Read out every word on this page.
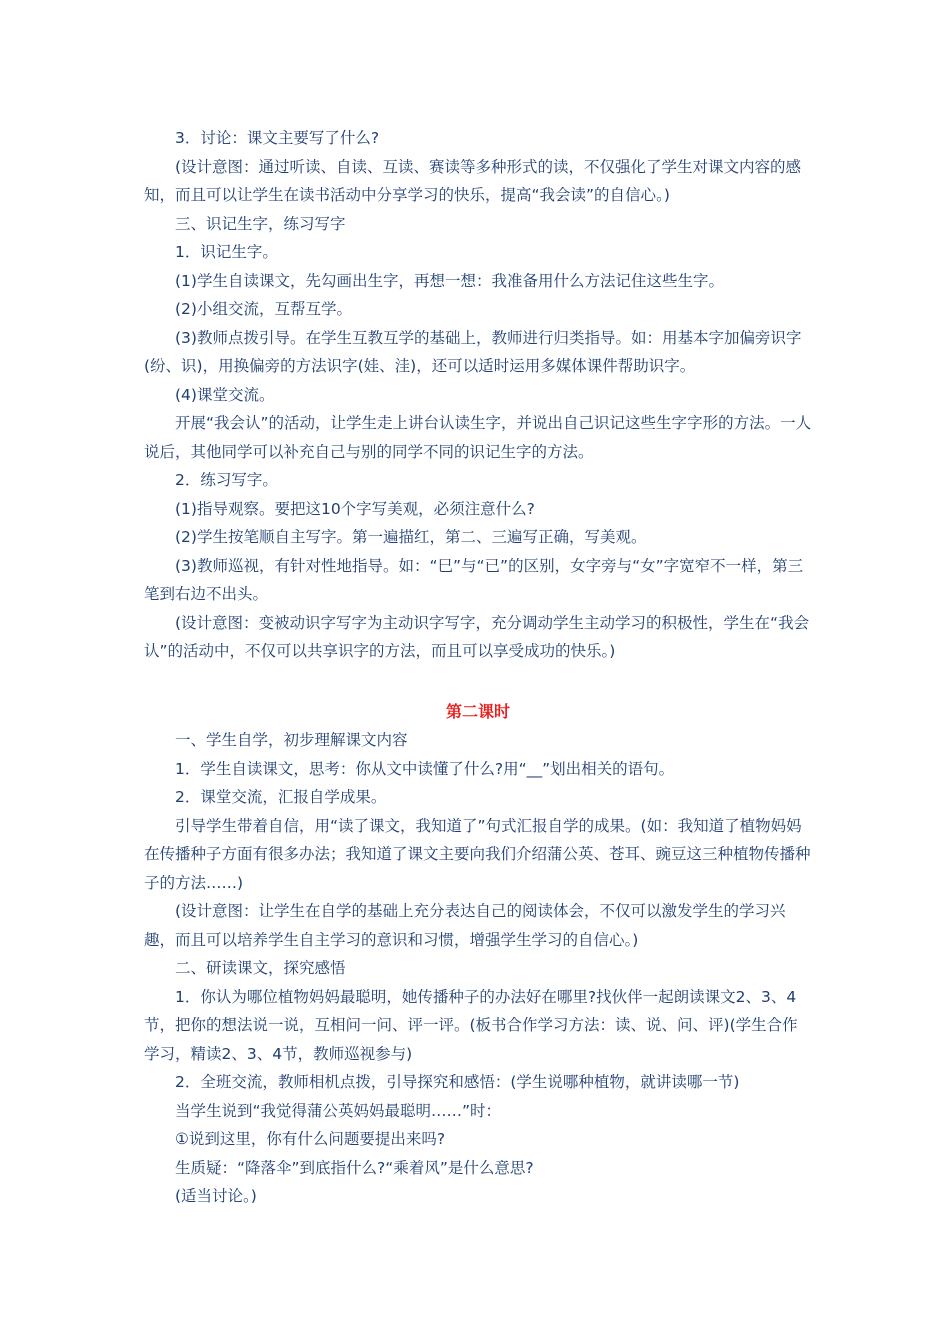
3．讨论：课文主要写了什么?

(设计意图：通过听读、自读、互读、赛读等多种形式的读，不仅强化了学生对课文内容的感知，而且可以让学生在读书活动中分享学习的快乐，提高“我会读”的自信心。)

三、识记生字，练习写字

1．识记生字。

(1)学生自读课文，先勾画出生字，再想一想：我准备用什么方法记住这些生字。

(2)小组交流，互帮互学。

(3)教师点拨引导。在学生互教互学的基础上，教师进行归类指导。如：用基本字加偏旁识字(纷、识)，用换偏旁的方法识字(娃、洼)，还可以适时运用多媒体课件帮助识字。

(4)课堂交流。

开展“我会认”的活动，让学生走上讲台认读生字，并说出自己识记这些生字字形的方法。一人说后，其他同学可以补充自己与别的同学不同的识记生字的方法。

2．练习写字。

(1)指导观察。要把这10个字写美观，必须注意什么?

(2)学生按笔顺自主写字。第一遍描红，第二、三遍写正确，写美观。

(3)教师巡视，有针对性地指导。如：“巳”与“已”的区别，女字旁与“女”字宽窄不一样，第三笔到右边不出头。

(设计意图：变被动识字写字为主动识字写字，充分调动学生主动学习的积极性，学生在“我会认”的活动中，不仅可以共享识字的方法，而且可以享受成功的快乐。)

第二课时

一、学生自学，初步理解课文内容

1．学生自读课文，思考：你从文中读懂了什么?用“__”划出相关的语句。

2．课堂交流，汇报自学成果。

引导学生带着自信，用“读了课文，我知道了”句式汇报自学的成果。(如：我知道了植物妈妈在传播种子方面有很多办法；我知道了课文主要向我们介绍蒲公英、苍耳、豌豆这三种植物传播种子的方法……)

(设计意图：让学生在自学的基础上充分表达自己的阅读体会，不仅可以激发学生的学习兴趣，而且可以培养学生自主学习的意识和习惯，增强学生学习的自信心。)

二、研读课文，探究感悟

1．你认为哪位植物妈妈最聪明，她传播种子的办法好在哪里?找伙伴一起朗读课文2、3、4节，把你的想法说一说，互相问一问、评一评。(板书合作学习方法：读、说、问、评)(学生合作学习，精读2、3、4节，教师巡视参与)

2．全班交流，教师相机点拨，引导探究和感悟：(学生说哪种植物，就讲读哪一节)

当学生说到“我觉得蒲公英妈妈最聪明……”时：

①说到这里，你有什么问题要提出来吗?

生质疑：“降落伞”到底指什么?“乘着风”是什么意思?

(适当讨论。)
